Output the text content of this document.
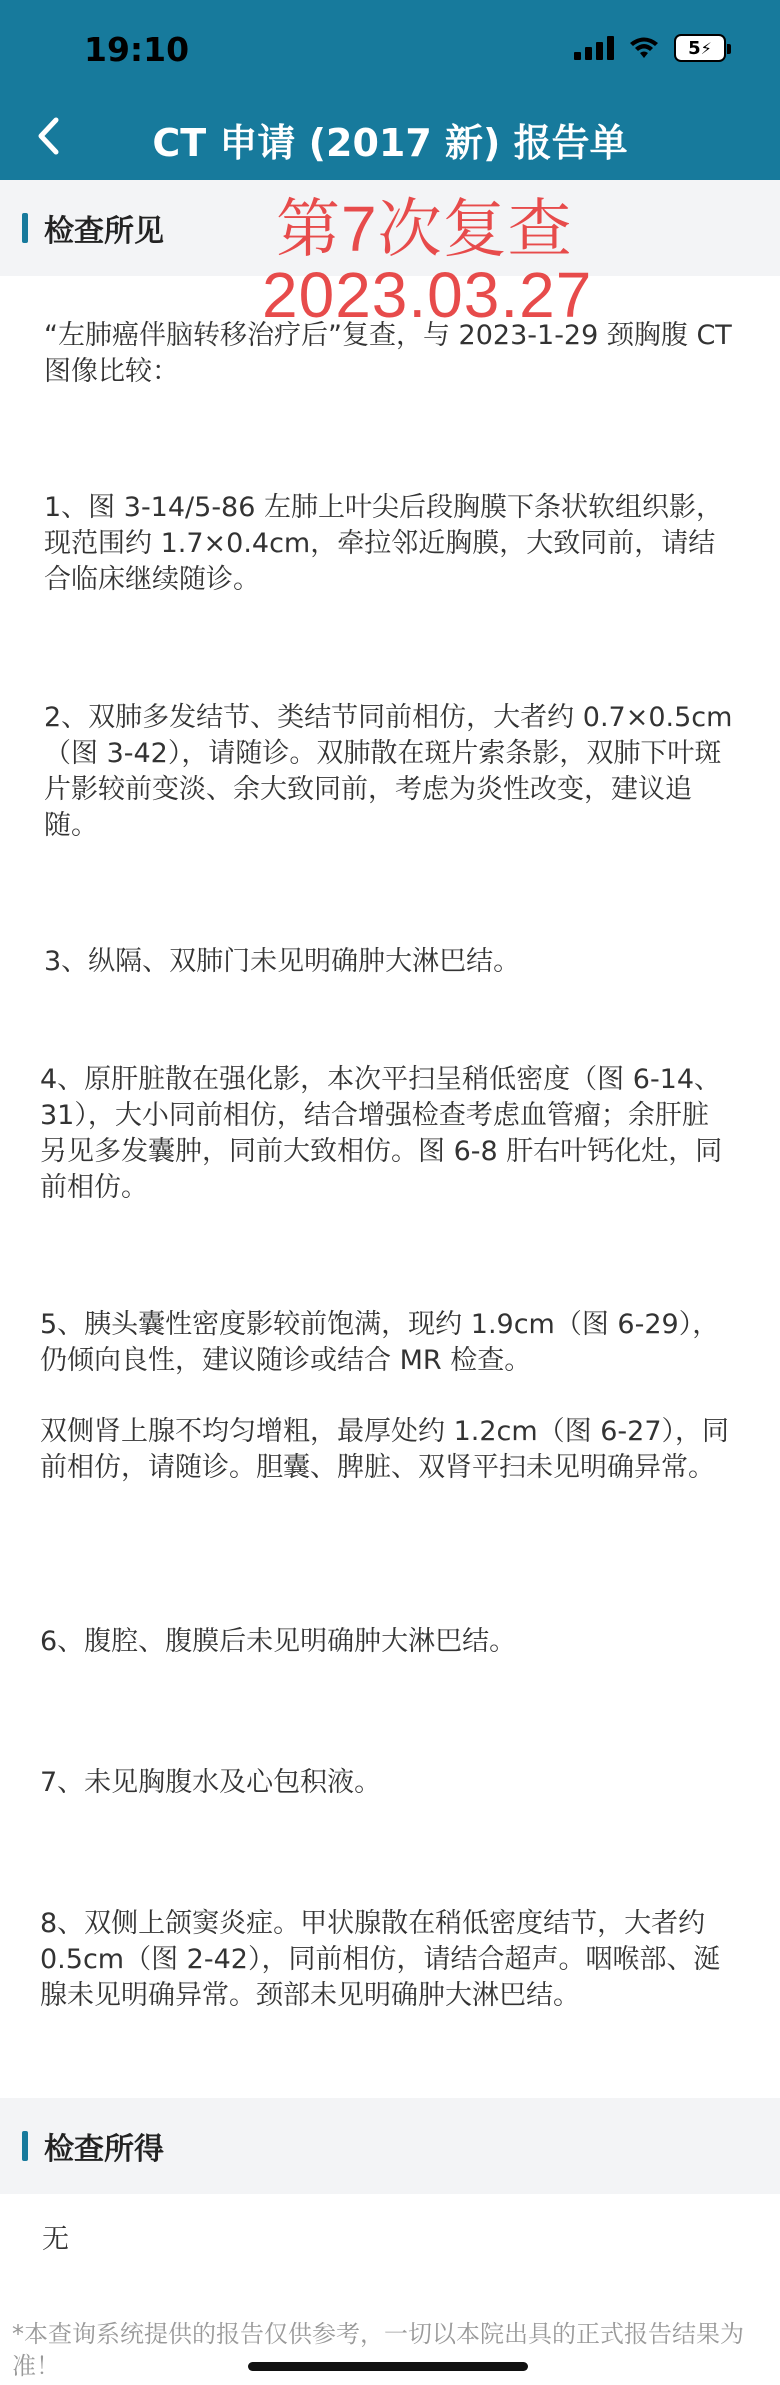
19:10	5 ⚡
CT 申请 (2017 新) 报告单
检查所见 第7次复查
2023.03.27
“左肺癌伴脑转移治疗后”复查，与 2023-1-29 颈胸腹 CT 图像比较：
1、图 3-14/5-86 左肺上叶尖后段胸膜下条状软组织影，现范围约 1.7×0.4cm，牵拉邻近胸膜，大致同前，请结合临床继续随诊。
2、双肺多发结节、类结节同前相仿，大者约 0.7×0.5cm（图 3-42），请随诊。双肺散在斑片索条影，双肺下叶斑片影较前变淡、余大致同前，考虑为炎性改变，建议追随。
3、纵隔、双肺门未见明确肿大淋巴结。
4、原肝脏散在强化影，本次平扫呈稍低密度（图 6-14、31），大小同前相仿，结合增强检查考虑血管瘤；余肝脏另见多发囊肿，同前大致相仿。图 6-8 肝右叶钙化灶，同前相仿。
5、胰头囊性密度影较前饱满，现约 1.9cm（图 6-29），仍倾向良性，建议随诊或结合 MR 检查。
双侧肾上腺不均匀增粗，最厚处约 1.2cm（图 6-27），同前相仿，请随诊。胆囊、脾脏、双肾平扫未见明确异常。
6、腹腔、腹膜后未见明确肿大淋巴结。
7、未见胸腹水及心包积液。
8、双侧上颌窦炎症。甲状腺散在稍低密度结节，大者约 0.5cm（图 2-42），同前相仿，请结合超声。咽喉部、涎腺未见明确异常。颈部未见明确肿大淋巴结。
检查所得
无
*本查询系统提供的报告仅供参考，一切以本院出具的正式报告结果为准！
